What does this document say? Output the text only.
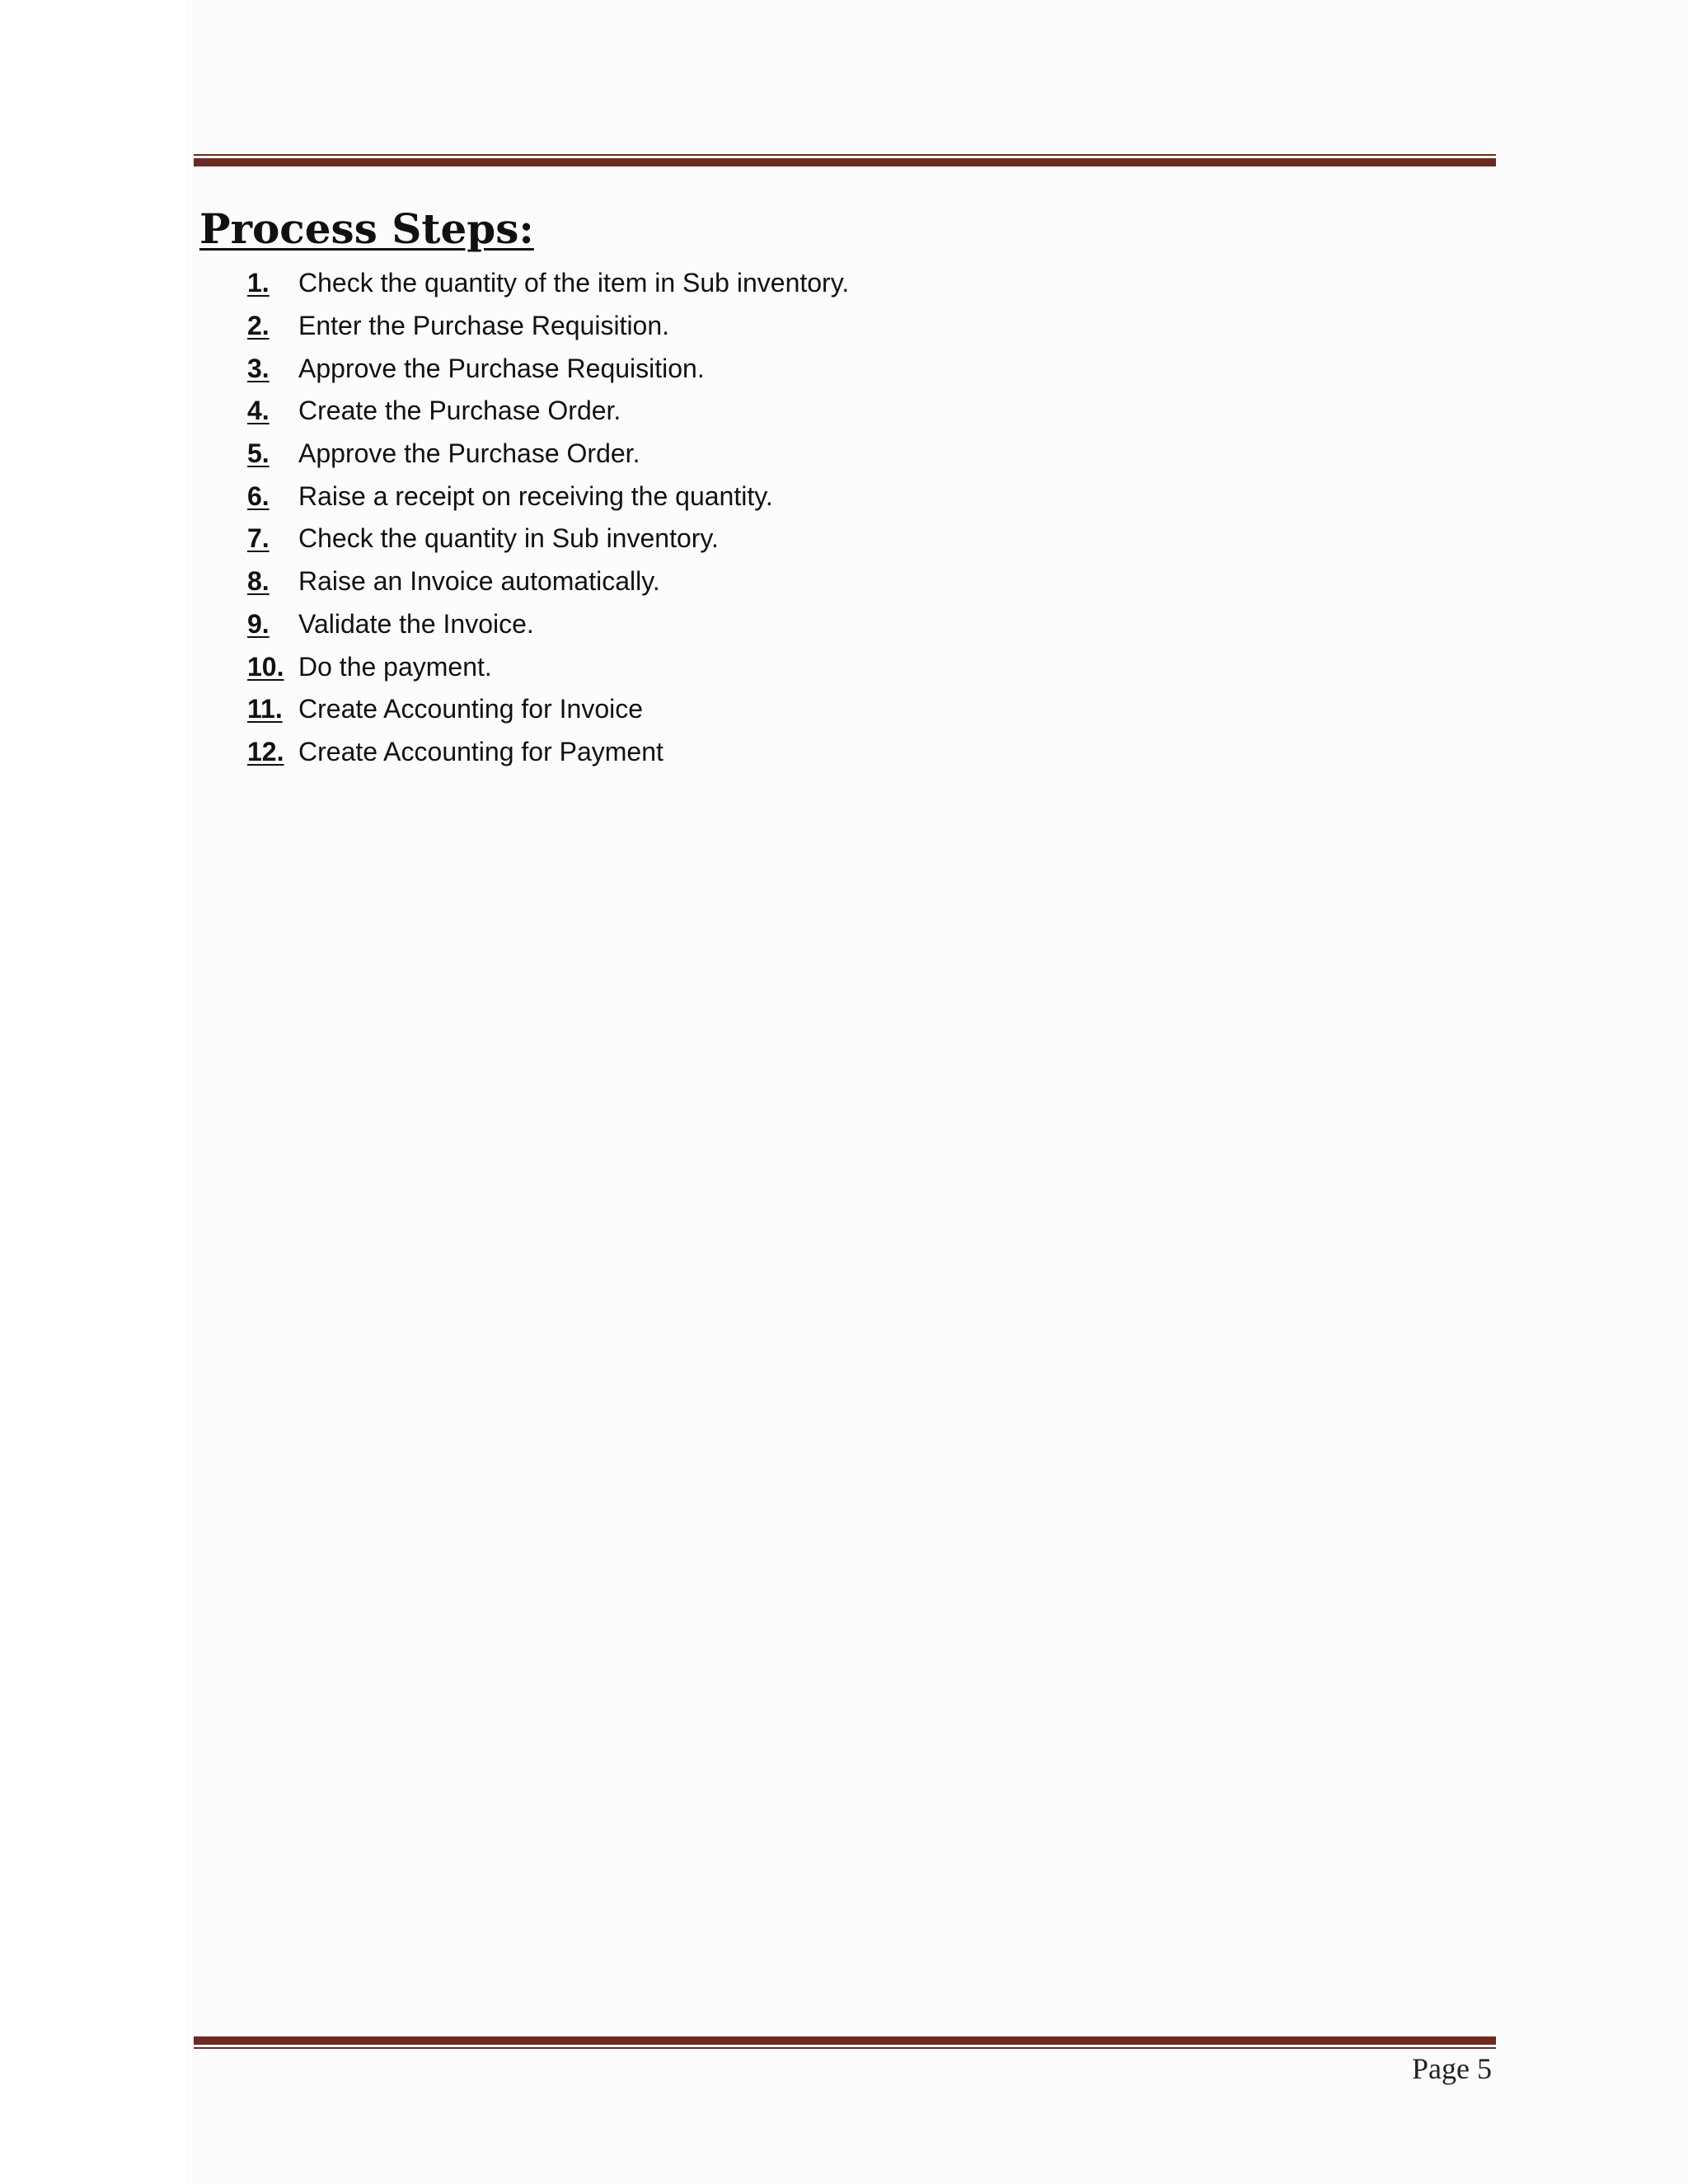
Process Steps:
1.	Check the quantity of the item in Sub inventory.
2.	Enter the Purchase Requisition.
3.	Approve the Purchase Requisition.
4.	Create the Purchase Order.
5.	Approve the Purchase Order.
6.	Raise a receipt on receiving the quantity.
7.	Check the quantity in Sub inventory.
8.	Raise an Invoice automatically.
9.	Validate the Invoice.
10. Do the payment.
11. Create Accounting for Invoice
12. Create Accounting for Payment
Page 5
